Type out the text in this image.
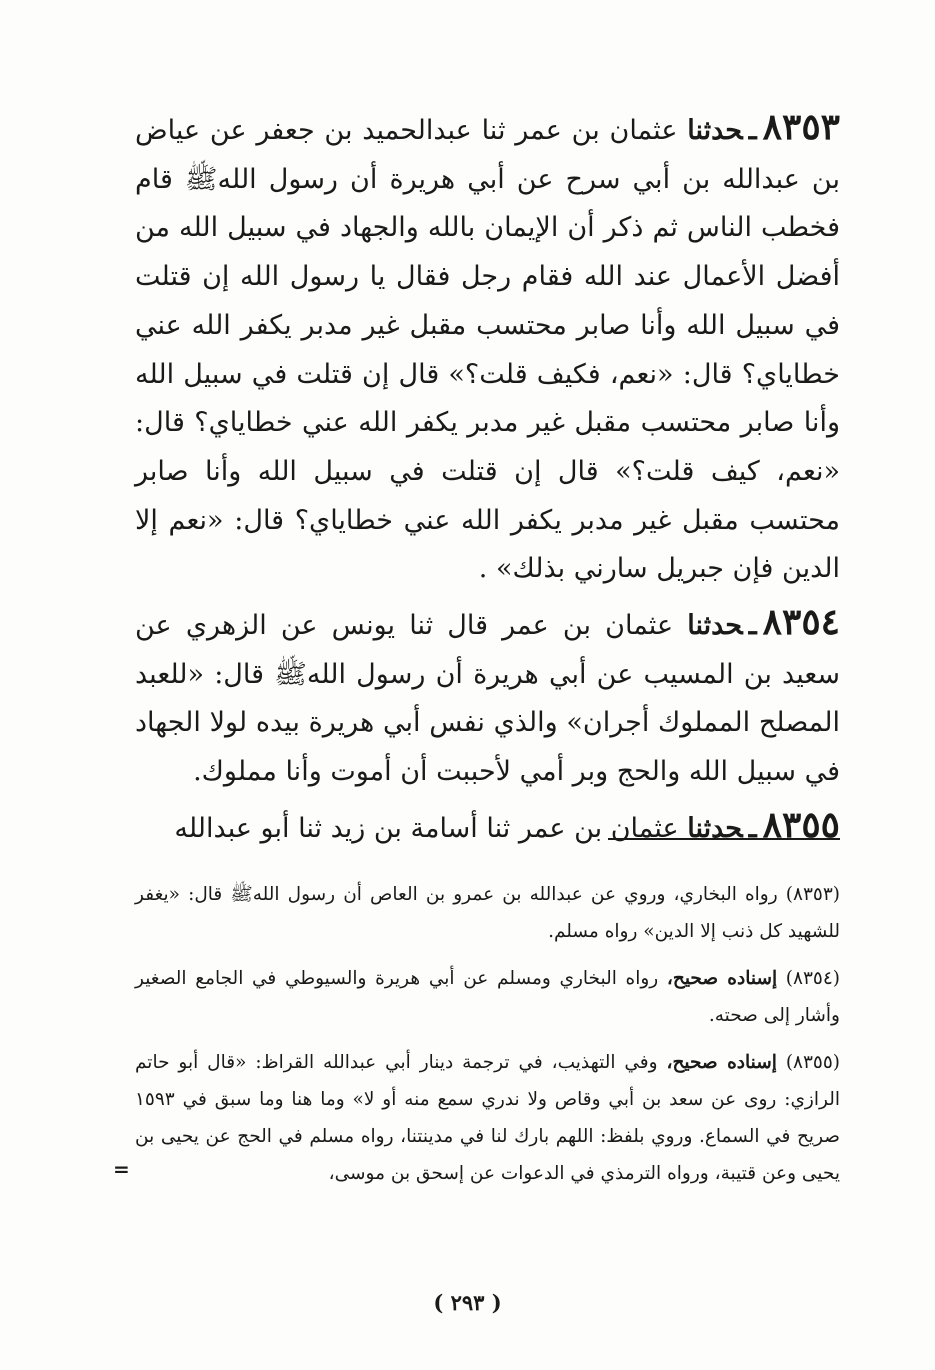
٨٣٥٣ـحدثنا عثمان بن عمر ثنا عبدالحميد بن جعفر عن عياض بن عبدالله بن أبي سرح عن أبي هريرة أن رسول اللهﷺ قام فخطب الناس ثم ذكر أن الإيمان بالله والجهاد في سبيل الله من أفضل الأعمال عند الله فقام رجل فقال يا رسول الله إن قتلت في سبيل الله وأنا صابر محتسب مقبل غير مدبر يكفر الله عني خطاياي؟ قال: «نعم، فكيف قلت؟» قال إن قتلت في سبيل الله وأنا صابر محتسب مقبل غير مدبر يكفر الله عني خطاياي؟ قال: «نعم، كيف قلت؟» قال إن قتلت في سبيل الله وأنا صابر محتسب مقبل غير مدبر يكفر الله عني خطاياي؟ قال: «نعم إلا الدين فإن جبريل سارني بذلك» .

٨٣٥٤ـحدثنا عثمان بن عمر قال ثنا يونس عن الزهري عن سعيد بن المسيب عن أبي هريرة أن رسول اللهﷺ قال: «للعبد المصلح المملوك أجران» والذي نفس أبي هريرة بيده لولا الجهاد في سبيل الله والحج وبر أمي لأحببت أن أموت وأنا مملوك.

٨٣٥٥ـحدثنا عثمان بن عمر ثنا أسامة بن زيد ثنا أبو عبدالله

(٨٣٥٣) رواه البخاري، وروي عن عبدالله بن عمرو بن العاص أن رسول اللهﷺ قال: «يغفر للشهيد كل ذنب إلا الدين» رواه مسلم.

(٨٣٥٤) إسناده صحيح، رواه البخاري ومسلم عن أبي هريرة والسيوطي في الجامع الصغير وأشار إلى صحته.

(٨٣٥٥) إسناده صحيح، وفي التهذيب، في ترجمة دينار أبي عبدالله القراظ: «قال أبو حاتم الرازي: روى عن سعد بن أبي وقاص ولا ندري سمع منه أو لا» وما هنا وما سبق في ١٥٩٣ صريح في السماع. وروي بلفظ: اللهم بارك لنا في مدينتنا، رواه مسلم في الحج عن يحيى بن يحيى وعن قتيبة، ورواه الترمذي في الدعوات عن إسحق بن موسى،
=

( ٢٩٣ )
